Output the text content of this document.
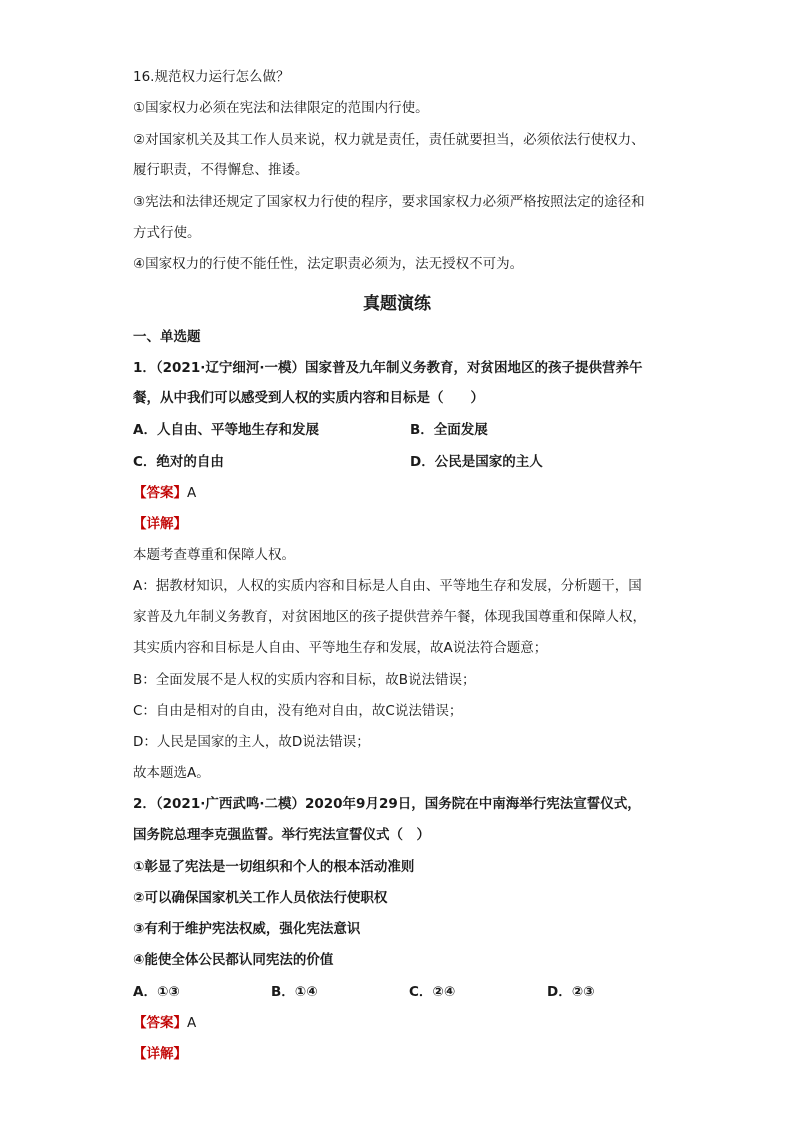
16.规范权力运行怎么做？
①国家权力必须在宪法和法律限定的范围内行使。
②对国家机关及其工作人员来说，权力就是责任，责任就要担当，必须依法行使权力、
履行职责，不得懈怠、推诿。
③宪法和法律还规定了国家权力行使的程序，要求国家权力必须严格按照法定的途径和
方式行使。
④国家权力的行使不能任性，法定职责必须为，法无授权不可为。
真题演练
一、单选题
1．（2021·辽宁细河·一模）国家普及九年制义务教育，对贫困地区的孩子提供营养午
餐，从中我们可以感受到人权的实质内容和目标是（　　）
A．人自由、平等地生存和发展	B．全面发展
C．绝对的自由	D．公民是国家的主人
【答案】A
【详解】
本题考查尊重和保障人权。
A：据教材知识，人权的实质内容和目标是人自由、平等地生存和发展，分析题干，国
家普及九年制义务教育，对贫困地区的孩子提供营养午餐，体现我国尊重和保障人权，
其实质内容和目标是人自由、平等地生存和发展，故A说法符合题意；
B：全面发展不是人权的实质内容和目标，故B说法错误；
C：自由是相对的自由，没有绝对自由，故C说法错误；
D：人民是国家的主人，故D说法错误；
故本题选A。
2．（2021·广西武鸣·二模）2020年9月29日，国务院在中南海举行宪法宣誓仪式，
国务院总理李克强监誓。举行宪法宣誓仪式（　）
①彰显了宪法是一切组织和个人的根本活动准则
②可以确保国家机关工作人员依法行使职权
③有利于维护宪法权威，强化宪法意识
④能使全体公民都认同宪法的价值
A．①③	B．①④	C．②④	D．②③
【答案】A
【详解】
